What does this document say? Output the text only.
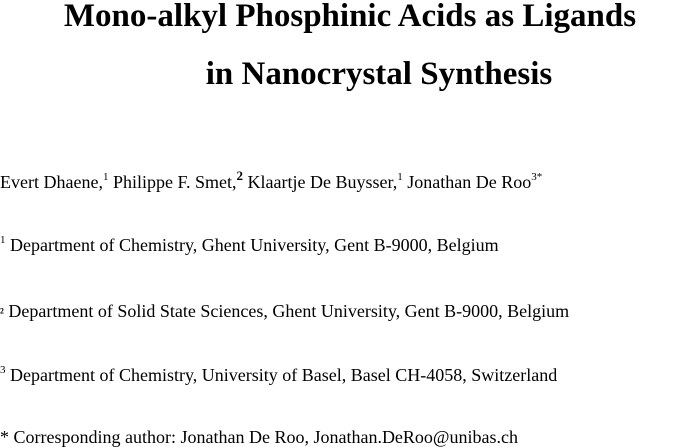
Mono-alkyl Phosphinic Acids as Ligands
in Nanocrystal Synthesis
Evert Dhaene,$^1$ Philippe F. Smet,$^2$ Klaartje De Buysser,$^1$ Jonathan De Roo$^{3*}$
$^1$ Department of Chemistry, Ghent University, Gent B-9000, Belgium
² Department of Solid State Sciences, Ghent University, Gent B-9000, Belgium
$^3$ Department of Chemistry, University of Basel, Basel CH-4058, Switzerland
* Corresponding author: Jonathan De Roo, Jonathan.DeRoo@unibas.ch
